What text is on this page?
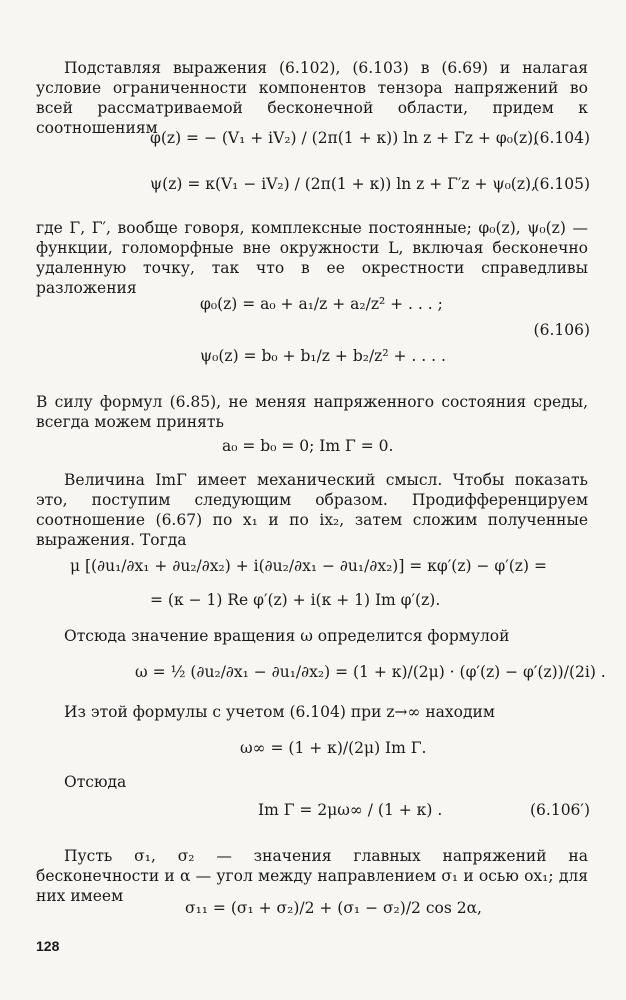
Подставляя выражения (6.102), (6.103) в (6.69) и налагая условие ограниченности компонентов тензора напряжений во всей рассматриваемой бесконечной области, придем к соотношениям

φ(z) = − (V₁ + iV₂) / (2π(1 + κ)) ln z + Γz + φ₀(z),
(6.104)
ψ(z) = κ(V₁ − iV₂) / (2π(1 + κ)) ln z + Γ′z + ψ₀(z),
(6.105)

где Γ, Γ′, вообще говоря, комплексные постоянные; φ₀(z), ψ₀(z) — функции, голоморфные вне окружности L, включая бесконечно удаленную точку, так что в ее окрестности справедливы разложения

φ₀(z) = a₀ + a₁/z + a₂/z² + . . . ;
(6.106)
ψ₀(z) = b₀ + b₁/z + b₂/z² + . . . .

В силу формул (6.85), не меняя напряженного состояния среды, всегда можем принять

a₀ = b₀ = 0; Im Γ = 0.

Величина ImΓ имеет механический смысл. Чтобы показать это, поступим следующим образом. Продифференцируем соотношение (6.67) по x₁ и по ix₂, затем сложим полученные выражения. Тогда

μ [(∂u₁/∂x₁ + ∂u₂/∂x₂) + i(∂u₂/∂x₁ − ∂u₁/∂x₂)] = κφ′(z) − φ′(z) =
= (κ − 1) Re φ′(z) + i(κ + 1) Im φ′(z).

Отсюда значение вращения ω определится формулой

ω = ½ (∂u₂/∂x₁ − ∂u₁/∂x₂) = (1 + κ)/(2μ) · (φ′(z) − φ′(z))/(2i) .

Из этой формулы с учетом (6.104) при z→∞ находим

ω∞ = (1 + κ)/(2μ) Im Γ.

Отсюда

Im Γ = 2μω∞ / (1 + κ) .	(6.106′)

Пусть σ₁, σ₂ — значения главных напряжений на бесконечности и α — угол между направлением σ₁ и осью ox₁; для них имеем

σ₁₁ = (σ₁ + σ₂)/2 + (σ₁ − σ₂)/2 cos 2α,
128
